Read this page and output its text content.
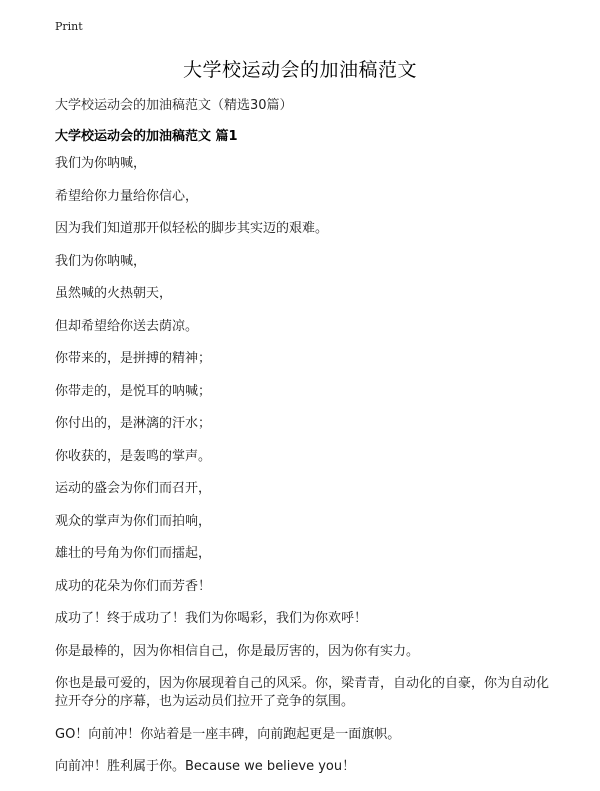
Print
大学校运动会的加油稿范文
大学校运动会的加油稿范文（精选30篇）
大学校运动会的加油稿范文 篇1
我们为你呐喊，
希望给你力量给你信心，
因为我们知道那开似轻松的脚步其实迈的艰难。
我们为你呐喊，
虽然喊的火热朝天，
但却希望给你送去荫凉。
你带来的，是拼搏的精神；
你带走的，是悦耳的呐喊；
你付出的，是淋漓的汗水；
你收获的，是轰鸣的掌声。
运动的盛会为你们而召开，
观众的掌声为你们而拍响，
雄壮的号角为你们而擂起，
成功的花朵为你们而芳香！
成功了！终于成功了！我们为你喝彩，我们为你欢呼！
你是最棒的，因为你相信自己，你是最厉害的，因为你有实力。
你也是最可爱的，因为你展现着自己的风采。你，梁青青，自动化的自豪，你为自动化拉开夺分的序幕，也为运动员们拉开了竞争的氛围。
GO！向前冲！你站着是一座丰碑，向前跑起更是一面旗帜。
向前冲！胜利属于你。Because we believe you！
